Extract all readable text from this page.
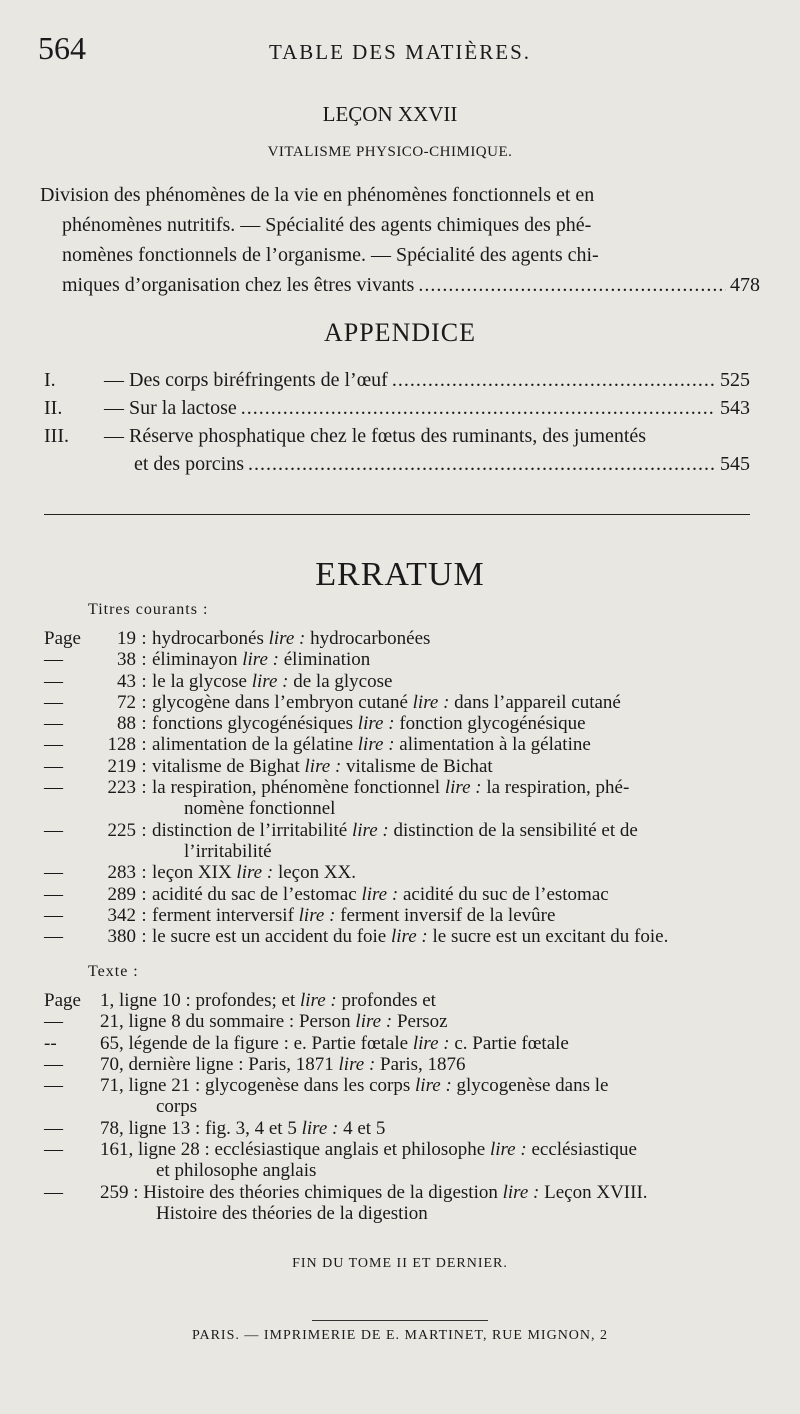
564	TABLE DES MATIÈRES.
LEÇON XXVII
VITALISME PHYSICO-CHIMIQUE.
Division des phénomènes de la vie en phénomènes fonctionnels et en
phénomènes nutritifs. — Spécialité des agents chimiques des phé-
nomènes fonctionnels de l’organisme. — Spécialité des agents chi-
miques d’organisation chez les êtres vivants . . .	478
APPENDICE
I.	— Des corps biréfringents de l’œuf . . .	525
II.	— Sur la lactose . . .	543
III.	— Réserve phosphatique chez le fœtus des ruminants, des jumentés
et des porcins . . .	545
ERRATUM
Titres courants :
Page	19 : hydrocarbonés lire : hydrocarbonées
—	38 : éliminayon lire : élimination
—	43 : le la glycose lire : de la glycose
—	72 : glycogène dans l’embryon cutané lire : dans l’appareil cutané
—	88 : fonctions glycogénésiques lire : fonction glycogénésique
—	128 : alimentation de la gélatine lire : alimentation à la gélatine
—	219 : vitalisme de Bighat lire : vitalisme de Bichat
—	223 : la respiration, phénomène fonctionnel lire : la respiration, phé-
nomène fonctionnel
—	225 : distinction de l’irritabilité lire : distinction de la sensibilité et de
l’irritabilité
—	283 : leçon XIX lire : leçon XX.
—	289 : acidité du sac de l’estomac lire : acidité du suc de l’estomac
—	342 : ferment interversif lire : ferment inversif de la levûre
—	380 : le sucre est un accident du foie lire : le sucre est un excitant du foie.
Texte :
Page	1, ligne 10 : profondes; et lire : profondes et
—	21, ligne 8 du sommaire : Person lire : Persoz
--	65, légende de la figure : e. Partie fœtale lire : c. Partie fœtale
—	70, dernière ligne : Paris, 1871 lire : Paris, 1876
—	71, ligne 21 : glycogenèse dans les corps lire : glycogenèse dans le
corps
—	78, ligne 13 : fig. 3, 4 et 5 lire : 4 et 5
—	161, ligne 28 : ecclésiastique anglais et philosophe lire : ecclésiastique
et philosophe anglais
—	259 : Histoire des théories chimiques de la digestion lire : Leçon XVIII.
Histoire des théories de la digestion
FIN DU TOME II ET DERNIER.
PARIS. — IMPRIMERIE DE E. MARTINET, RUE MIGNON, 2
